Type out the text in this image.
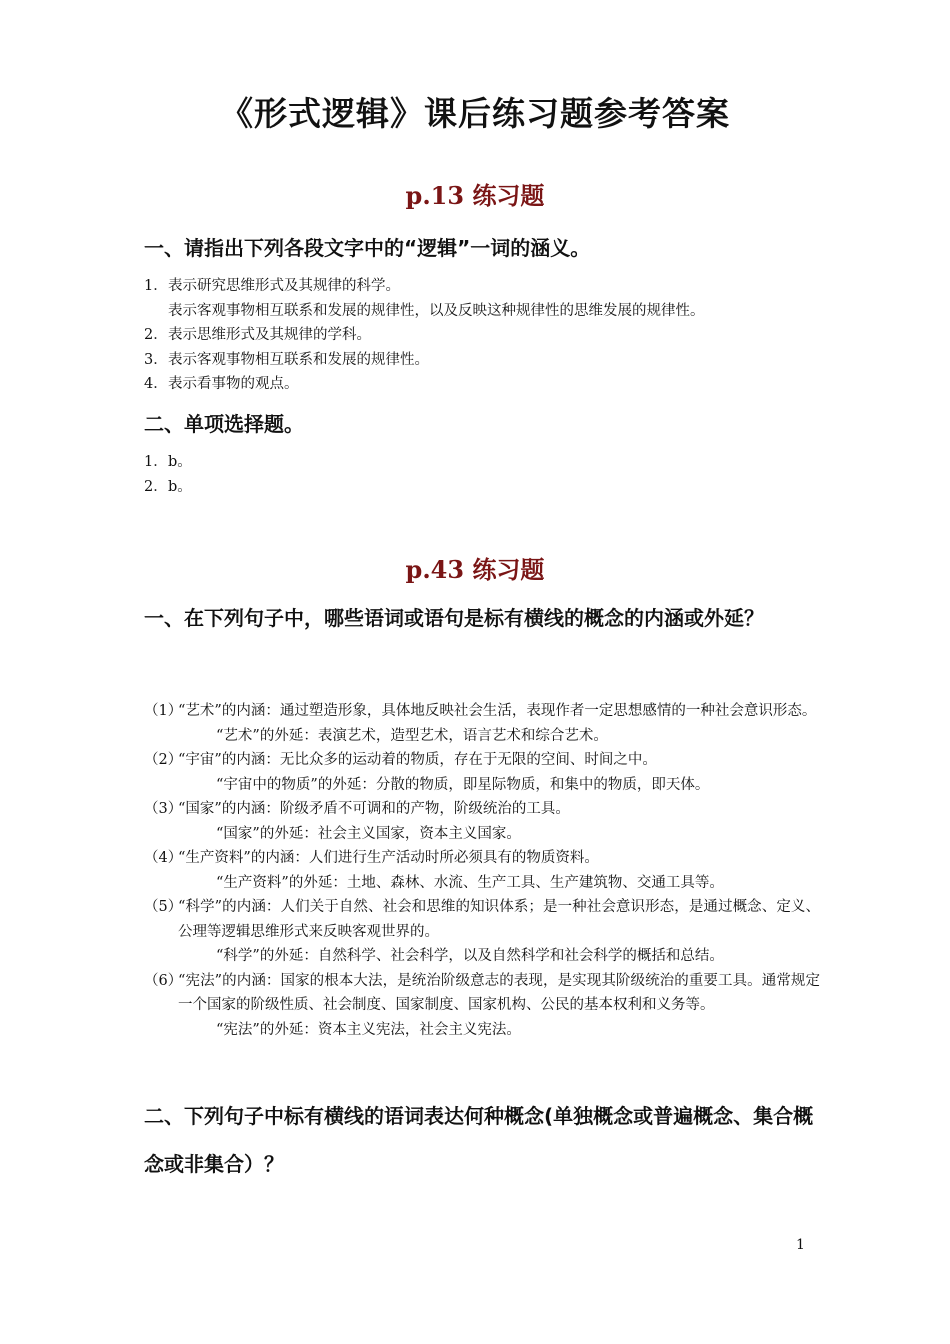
《形式逻辑》课后练习题参考答案
p.13 练习题
一、请指出下列各段文字中的“逻辑”一词的涵义。
1．表示研究思维形式及其规律的科学。
表示客观事物相互联系和发展的规律性，以及反映这种规律性的思维发展的规律性。
2．表示思维形式及其规律的学科。
3．表示客观事物相互联系和发展的规律性。
4．表示看事物的观点。
二、单项选择题。
1．b。
2．b。
p.43 练习题
一、在下列句子中，哪些语词或语句是标有横线的概念的内涵或外延？
（1）“艺术”的内涵：通过塑造形象，具体地反映社会生活，表现作者一定思想感情的一种社会意识形态。
“艺术”的外延：表演艺术，造型艺术，语言艺术和综合艺术。
（2）“宇宙”的内涵：无比众多的运动着的物质，存在于无限的空间、时间之中。
“宇宙中的物质”的外延：分散的物质，即星际物质，和集中的物质，即天体。
（3）“国家”的内涵：阶级矛盾不可调和的产物，阶级统治的工具。
“国家”的外延：社会主义国家，资本主义国家。
（4）“生产资料”的内涵：人们进行生产活动时所必须具有的物质资料。
“生产资料”的外延：土地、森林、水流、生产工具、生产建筑物、交通工具等。
（5）“科学”的内涵：人们关于自然、社会和思维的知识体系；是一种社会意识形态，是通过概念、定义、公理等逻辑思维形式来反映客观世界的。
“科学”的外延：自然科学、社会科学，以及自然科学和社会科学的概括和总结。
（6）“宪法”的内涵：国家的根本大法，是统治阶级意志的表现，是实现其阶级统治的重要工具。通常规定一个国家的阶级性质、社会制度、国家制度、国家机构、公民的基本权利和义务等。
“宪法”的外延：资本主义宪法，社会主义宪法。
二、下列句子中标有横线的语词表达何种概念(单独概念或普遍概念、集合概念或非集合）？
1
